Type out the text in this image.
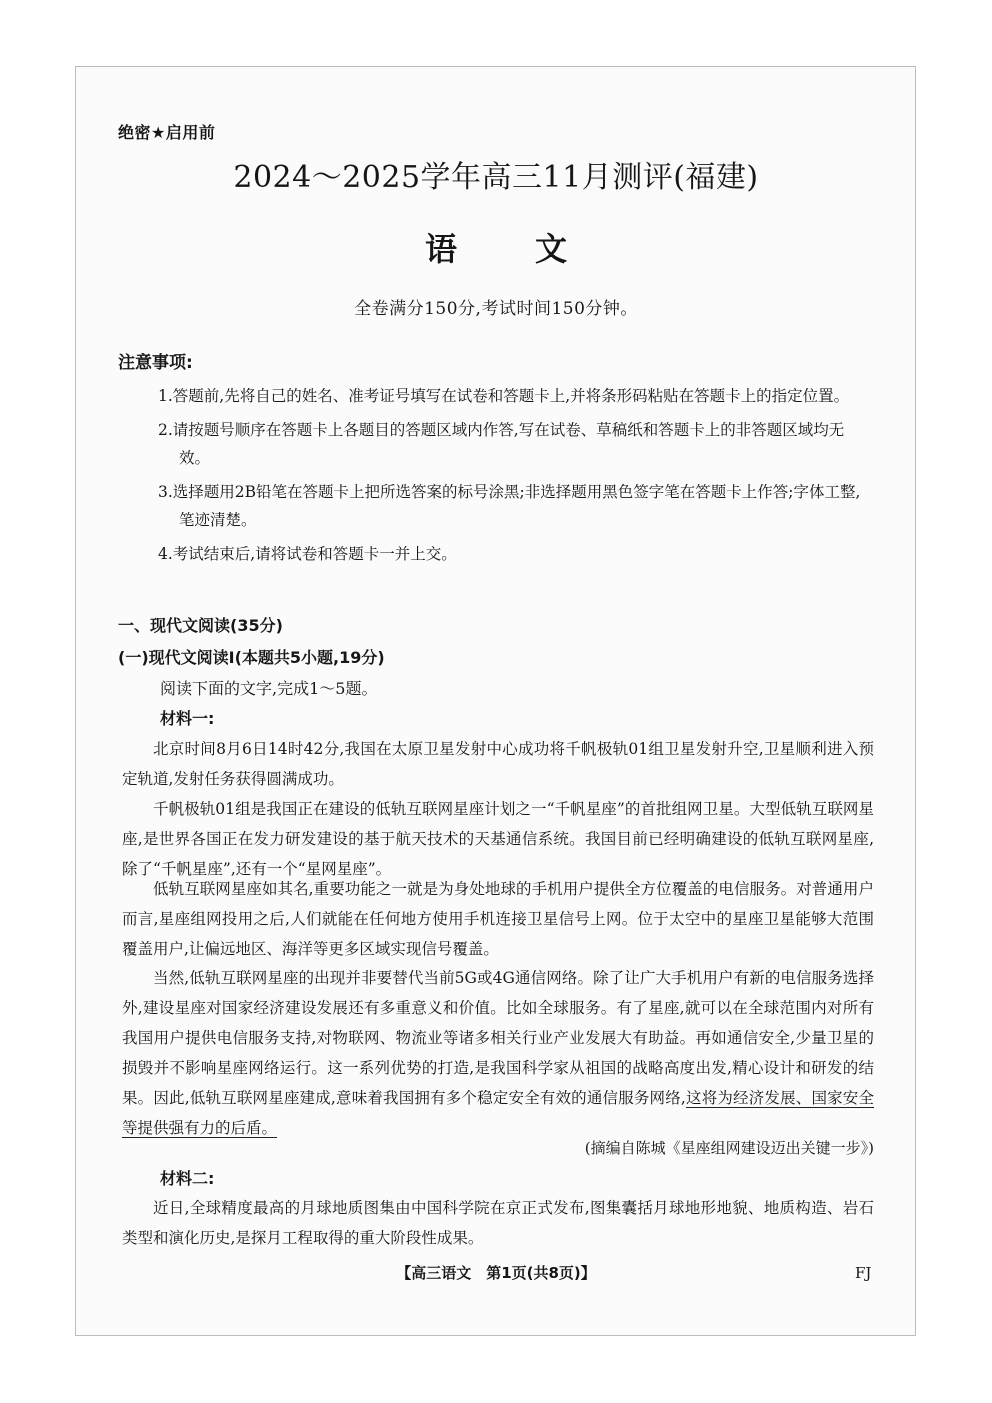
绝密★启用前
2024～2025学年高三11月测评(福建)
语文
全卷满分150分,考试时间150分钟。
注意事项:
1.答题前,先将自己的姓名、准考证号填写在试卷和答题卡上,并将条形码粘贴在答题卡上的指定位置。
2.请按题号顺序在答题卡上各题目的答题区域内作答,写在试卷、草稿纸和答题卡上的非答题区域均无效。
3.选择题用2B铅笔在答题卡上把所选答案的标号涂黑;非选择题用黑色签字笔在答题卡上作答;字体工整,笔迹清楚。
4.考试结束后,请将试卷和答题卡一并上交。
一、现代文阅读(35分)
(一)现代文阅读Ⅰ(本题共5小题,19分)
阅读下面的文字,完成1～5题。
材料一:

北京时间8月6日14时42分,我国在太原卫星发射中心成功将千帆极轨01组卫星发射升空,卫星顺利进入预定轨道,发射任务获得圆满成功。

千帆极轨01组是我国正在建设的低轨互联网星座计划之一“千帆星座”的首批组网卫星。大型低轨互联网星座,是世界各国正在发力研发建设的基于航天技术的天基通信系统。我国目前已经明确建设的低轨互联网星座,除了“千帆星座”,还有一个“星网星座”。

低轨互联网星座如其名,重要功能之一就是为身处地球的手机用户提供全方位覆盖的电信服务。对普通用户而言,星座组网投用之后,人们就能在任何地方使用手机连接卫星信号上网。位于太空中的星座卫星能够大范围覆盖用户,让偏远地区、海洋等更多区域实现信号覆盖。

当然,低轨互联网星座的出现并非要替代当前5G或4G通信网络。除了让广大手机用户有新的电信服务选择外,建设星座对国家经济建设发展还有多重意义和价值。比如全球服务。有了星座,就可以在全球范围内对所有我国用户提供电信服务支持,对物联网、物流业等诸多相关行业产业发展大有助益。再如通信安全,少量卫星的损毁并不影响星座网络运行。这一系列优势的打造,是我国科学家从祖国的战略高度出发,精心设计和研发的结果。因此,低轨互联网星座建成,意味着我国拥有多个稳定安全有效的通信服务网络,这将为经济发展、国家安全等提供强有力的后盾。

(摘编自陈城《星座组网建设迈出关键一步》)
材料二:

近日,全球精度最高的月球地质图集由中国科学院在京正式发布,图集囊括月球地形地貌、地质构造、岩石类型和演化历史,是探月工程取得的重大阶段性成果。

【高三语文　第1页(共8页)】	FJ
